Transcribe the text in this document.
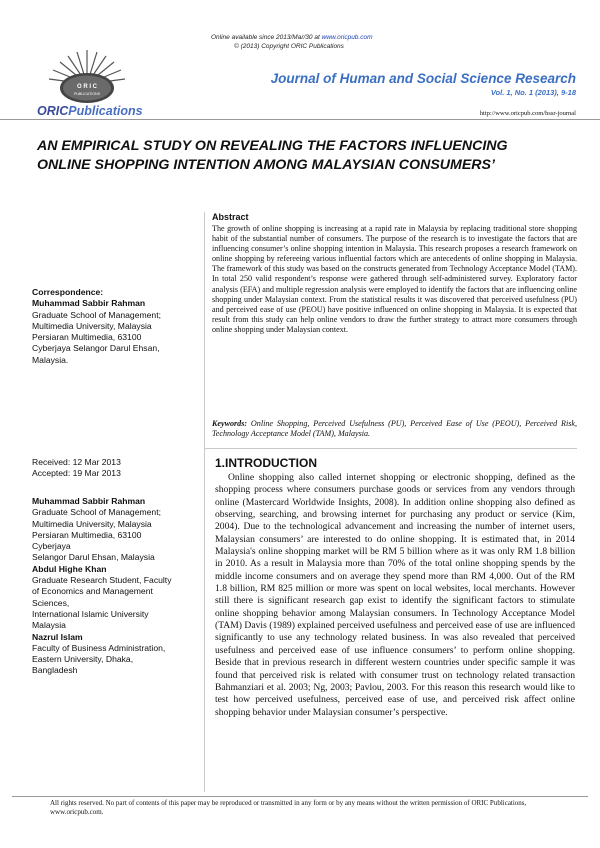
Online available since 2013/Mar/30 at www.oricpub.com
© (2013) Copyright ORIC Publications
O R I C
PUBLICATIONS
ORICPublications
Journal of Human and Social Science Research
Vol. 1, No. 1 (2013), 9-18
http://www.oricpub.com/hssr-journal
AN EMPIRICAL STUDY ON REVEALING THE FACTORS INFLUENCING
ONLINE SHOPPING INTENTION AMONG MALAYSIAN CONSUMERS’
Abstract
The growth of online shopping is increasing at a rapid rate in Malaysia by replacing traditional store shopping habit of the substantial number of consumers. The purpose of the research is to investigate the factors that are influencing consumer’s online shopping intention in Malaysia. This research proposes a research framework on online shopping by refereeing various influential factors which are antecedents of online shopping in Malaysia. The framework of this study was based on the constructs generated from Technology Acceptance Model (TAM). In total 250 valid respondent’s response were gathered through self-administered survey. Exploratory factor analysis (EFA) and multiple regression analysis were employed to identify the factors that are influencing online shopping under Malaysian context. From the statistical results it was discovered that perceived usefulness (PU) and perceived ease of use (PEOU) have positive influenced on online shopping in Malaysia. It is expected that result from this study can help online vendors to draw the further strategy to attract more consumers through online shopping under Malaysian context.
Keywords: Online Shopping, Perceived Usefulness (PU), Perceived Ease of Use (PEOU), Perceived Risk, Technology Acceptance Model (TAM), Malaysia.
Correspondence:
Muhammad Sabbir Rahman
Graduate School of Management;
Multimedia University, Malaysia
Persiaran Multimedia, 63100
Cyberjaya Selangor Darul Ehsan,
Malaysia.
Received: 12 Mar 2013
Accepted: 19 Mar 2013
Muhammad Sabbir Rahman
Graduate School of Management;
Multimedia University, Malaysia
Persiaran Multimedia, 63100
Cyberjaya
Selangor Darul Ehsan, Malaysia
Abdul Highe Khan
Graduate Research Student, Faculty
of Economics and Management
Sciences,
International Islamic University
Malaysia
Nazrul Islam
Faculty of Business Administration,
Eastern University, Dhaka,
Bangladesh
1.INTRODUCTION
Online shopping also called internet shopping or electronic shopping, defined as the shopping process where consumers purchase goods or services from any vendors through online (Mastercard Worldwide Insights, 2008). In addition online shopping also defined as observing, searching, and browsing internet for purchasing any product or service (Kim, 2004). Due to the technological advancement and increasing the number of internet users, Malaysian consumers’ are interested to do online shopping. It is estimated that, in 2014 Malaysia's online shopping market will be RM 5 billion where as it was only RM 1.8 billion in 2010. As a result in Malaysia more than 70% of the total online shopping spends by the middle income consumers and on average they spend more than RM 4,000. Out of the RM 1.8 billion, RM 825 million or more was spent on local websites, local merchants. However still there is significant research gap exist to identify the significant factors to stimulate online shopping behavior among Malaysian consumers. In Technology Acceptance Model (TAM) Davis (1989) explained perceived usefulness and perceived ease of use are influenced significantly to use any technology related business. In was also revealed that perceived usefulness and perceived ease of use influence consumers’ to perform online shopping. Beside that in previous research in different western countries under specific sample it was found that perceived risk is related with consumer trust on technology related transaction Bahmanziari et al. 2003; Ng, 2003; Pavlou, 2003. For this reason this research would like to test how perceived usefulness, perceived ease of use, and perceived risk affect online shopping behavior under Malaysian consumer’s perspective.
All rights reserved. No part of contents of this paper may be reproduced or transmitted in any form or by any means without the written permission of ORIC Publications, www.oricpub.com.
